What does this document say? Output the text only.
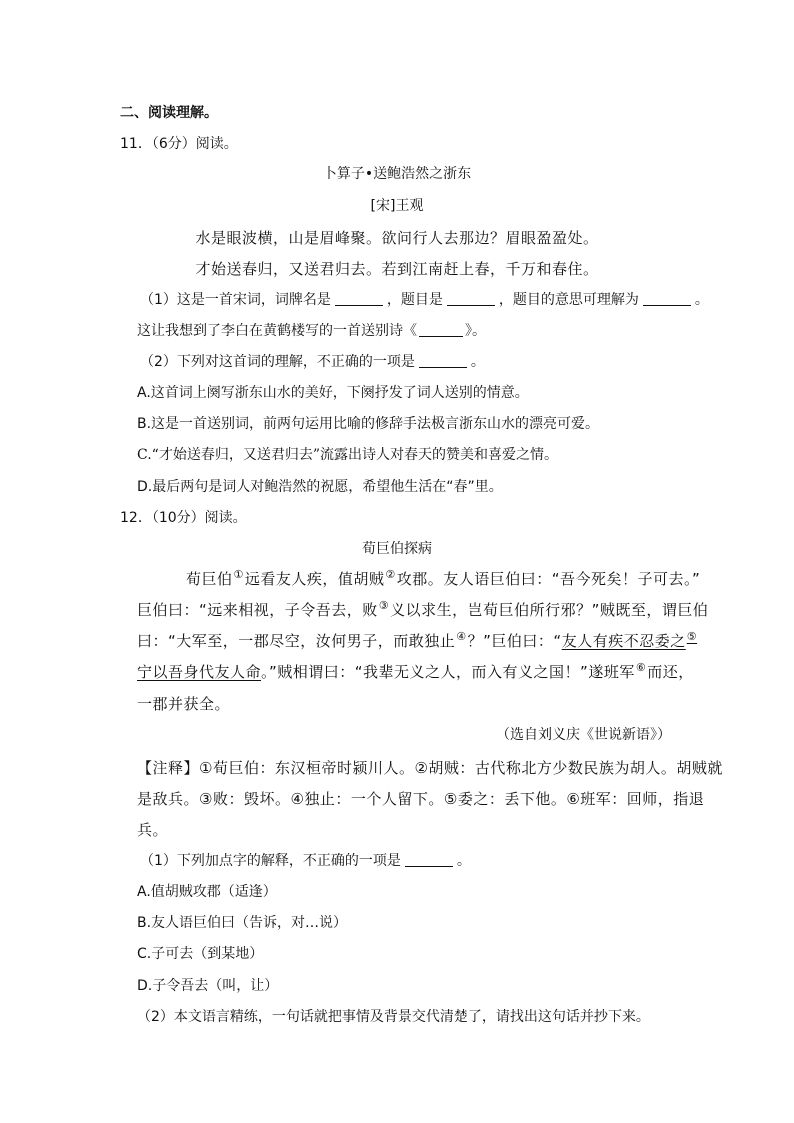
二、阅读理解。
11．（6分）阅读。
卜算子•送鲍浩然之浙东
[宋]王观
水是眼波横，山是眉峰聚。欲问行人去那边？眉眼盈盈处。
才始送春归，又送君归去。若到江南赶上春，千万和春住。
（1）这是一首宋词，词牌名是	，题目是	，题目的意思可理解为	。
这让我想到了李白在黄鹤楼写的一首送别诗《	》。
（2）下列对这首词的理解，不正确的一项是	。
A.这首词上阕写浙东山水的美好，下阕抒发了词人送别的情意。
B.这是一首送别词，前两句运用比喻的修辞手法极言浙东山水的漂亮可爱。
C.“才始送春归，又送君归去”流露出诗人对春天的赞美和喜爱之情。
D.最后两句是词人对鲍浩然的祝愿，希望他生活在“春”里。
12．（10分）阅读。
荀巨伯探病
荀巨伯①远看友人疾，值胡贼②攻郡。友人语巨伯曰：“吾今死矣！子可去。”
巨伯曰：“远来相视，子令吾去，败③义以求生，岂荀巨伯所行邪？”贼既至，谓巨伯
曰：“大军至，一郡尽空，汝何男子，而敢独止④？”巨伯曰：“友人有疾不忍委之⑤
宁以吾身代友人命。”贼相谓曰：“我辈无义之人，而入有义之国！”遂班军⑥而还，
一郡并获全。
（选自刘义庆《世说新语》）
【注释】①荀巨伯：东汉桓帝时颍川人。②胡贼：古代称北方少数民族为胡人。胡贼就
是敌兵。③败：毁坏。④独止：一个人留下。⑤委之：丢下他。⑥班军：回师，指退
兵。
（1）下列加点字的解释，不正确的一项是	。
A.值胡贼攻郡（适逢）
B.友人语巨伯曰（告诉，对…说）
C.子可去（到某地）
D.子令吾去（叫，让）
（2）本文语言精练，一句话就把事情及背景交代清楚了，请找出这句话并抄下来。
